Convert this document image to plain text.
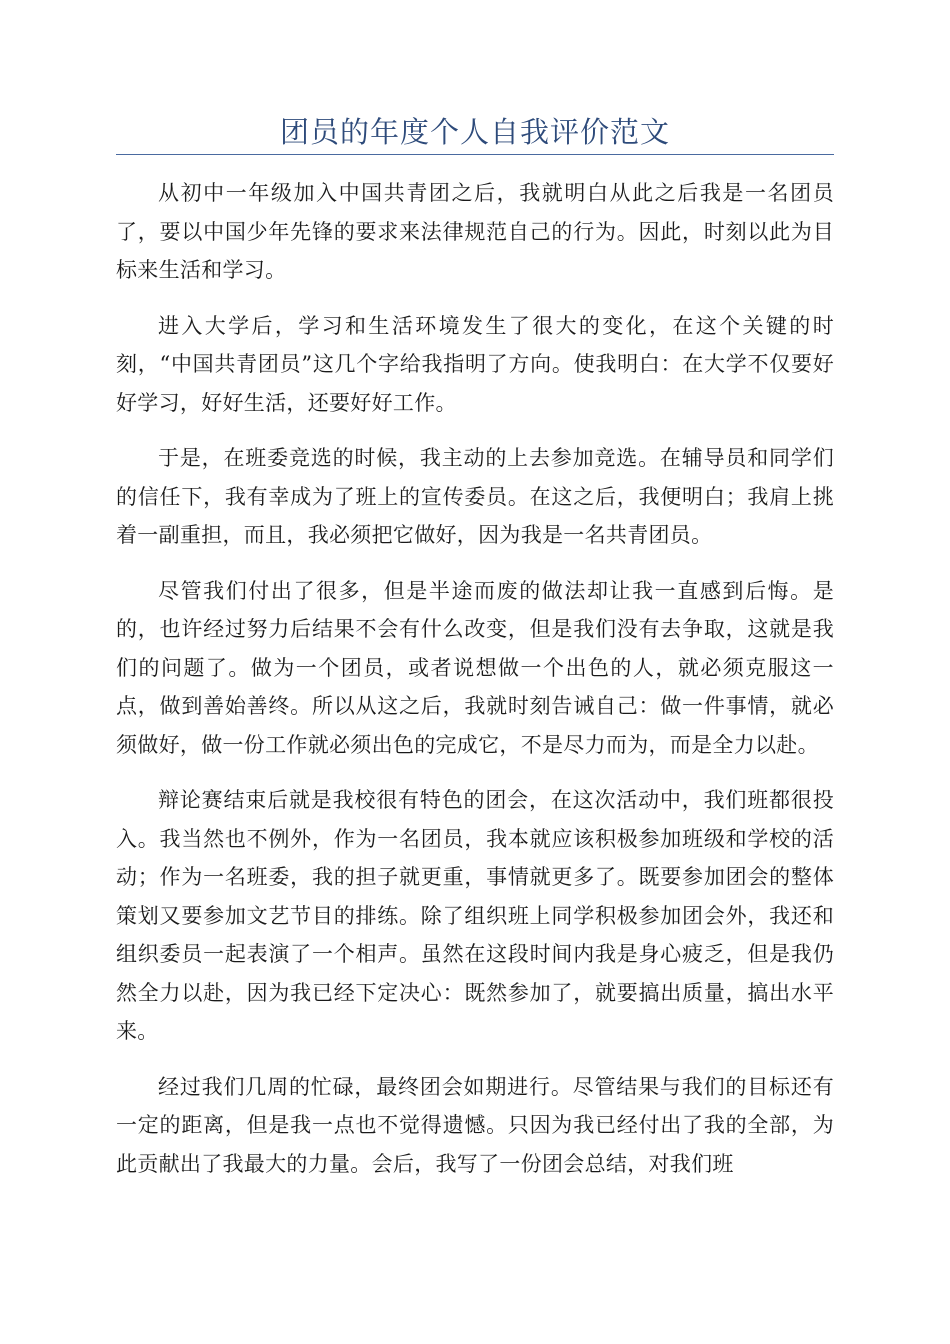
团员的年度个人自我评价范文

从初中一年级加入中国共青团之后，我就明白从此之后我是一名团员了，要以中国少年先锋的要求来法律规范自己的行为。因此，时刻以此为目标来生活和学习。

进入大学后，学习和生活环境发生了很大的变化，在这个关键的时刻，“中国共青团员”这几个字给我指明了方向。使我明白：在大学不仅要好好学习，好好生活，还要好好工作。

于是，在班委竞选的时候，我主动的上去参加竞选。在辅导员和同学们的信任下，我有幸成为了班上的宣传委员。在这之后，我便明白；我肩上挑着一副重担，而且，我必须把它做好，因为我是一名共青团员。

尽管我们付出了很多，但是半途而废的做法却让我一直感到后悔。是的，也许经过努力后结果不会有什么改变，但是我们没有去争取，这就是我们的问题了。做为一个团员，或者说想做一个出色的人，就必须克服这一点，做到善始善终。所以从这之后，我就时刻告诫自己：做一件事情，就必须做好，做一份工作就必须出色的完成它，不是尽力而为，而是全力以赴。

辩论赛结束后就是我校很有特色的团会，在这次活动中，我们班都很投入。我当然也不例外，作为一名团员，我本就应该积极参加班级和学校的活动；作为一名班委，我的担子就更重，事情就更多了。既要参加团会的整体策划又要参加文艺节目的排练。除了组织班上同学积极参加团会外，我还和组织委员一起表演了一个相声。虽然在这段时间内我是身心疲乏，但是我仍然全力以赴，因为我已经下定决心：既然参加了，就要搞出质量，搞出水平来。

经过我们几周的忙碌，最终团会如期进行。尽管结果与我们的目标还有一定的距离，但是我一点也不觉得遗憾。只因为我已经付出了我的全部，为此贡献出了我最大的力量。会后，我写了一份团会总结，对我们班
